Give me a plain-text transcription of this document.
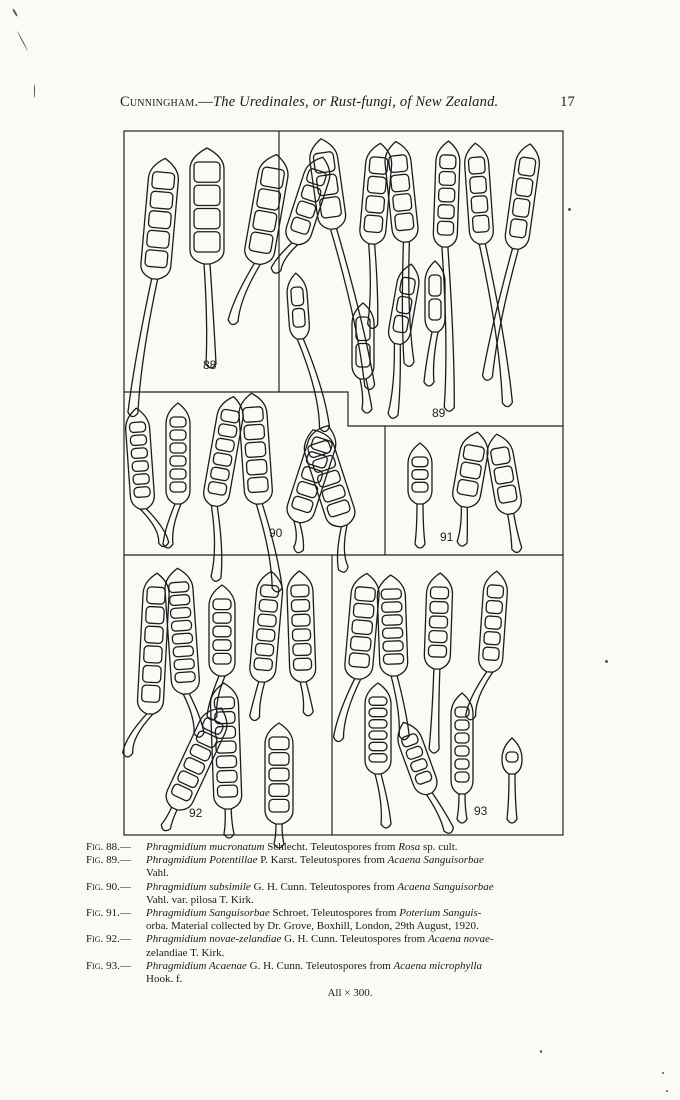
Cunningham.—The Uredinales, or Rust-fungi, of New Zealand.	17
88
89
90	91
92	93
Fig. 88.— Phragmidium mucronatum Schlecht. Teleutospores from Rosa sp. cult.
Fig. 89.— Phragmidium Potentillae P. Karst. Teleutospores from Acaena Sanguisorbae
Vahl.
Fig. 90.— Phragmidium subsimile G. H. Cunn. Teleutospores from Acaena Sanguisorbae
Vahl. var. pilosa T. Kirk.
Fig. 91.— Phragmidium Sanguisorbae Schroet. Teleutospores from Poterium Sanguis-
orba. Material collected by Dr. Grove, Boxhill, London, 29th August, 1920.
Fig. 92.— Phragmidium novae-zelandiae G. H. Cunn. Teleutospores from Acaena novae-
zelandiae T. Kirk.
Fig. 93.— Phragmidium Acaenae G. H. Cunn. Teleutospores from Acaena microphylla
Hook. f.
All × 300.
